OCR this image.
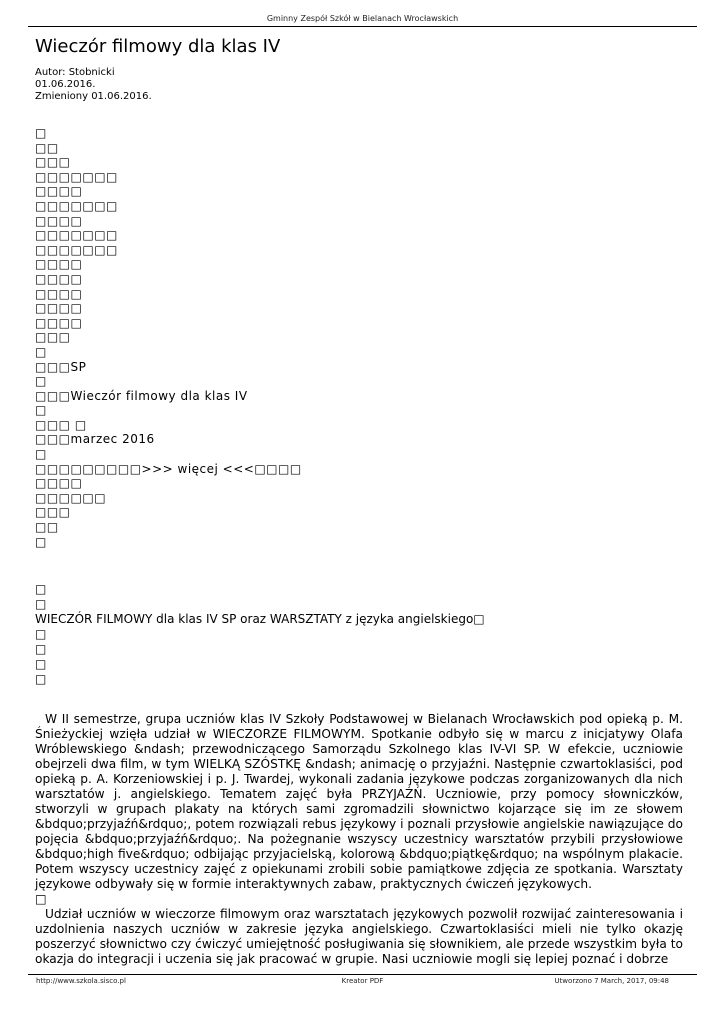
Gminny Zespół Szkół w Bielanach Wrocławskich
Wieczór filmowy dla klas IV
Autor: Stobnicki
01.06.2016.
Zmieniony 01.06.2016.
□
□□
□□□
□□□□□□□
□□□□
□□□□□□□
□□□□
□□□□□□□
□□□□□□□
□□□□
□□□□
□□□□
□□□□
□□□□
□□□
□
□□□SP
□
□□□Wieczór filmowy dla klas IV
□
□□□ □
□□□marzec 2016
□
□□□□□□□□□>>> więcej <<<□□□□
□□□□
□□□□□□
□□□
□□
□
□
□
WIECZÓR FILMOWY dla klas IV SP oraz WARSZTATY z języka angielskiego□
□
□
□
□

W II semestrze, grupa uczniów klas IV Szkoły Podstawowej w Bielanach Wrocławskich pod opieką p. M. Śnieżyckiej wzięła udział w WIECZORZE FILMOWYM. Spotkanie odbyło się w marcu z inicjatywy Olafa Wróblewskiego &ndash; przewodniczącego Samorządu Szkolnego klas IV-VI SP. W efekcie, uczniowie obejrzeli dwa film, w tym WIELKĄ SZÓSTKĘ &ndash; animację o przyjaźni. Następnie czwartoklasiści, pod opieką p. A. Korzeniowskiej i p. J. Twardej, wykonali zadania językowe podczas zorganizowanych dla nich warsztatów j. angielskiego. Tematem zajęć była PRZYJAŹŃ. Uczniowie, przy pomocy słowniczków, stworzyli w grupach plakaty na których sami zgromadzili słownictwo kojarzące się im ze słowem &bdquo;przyjaźń&rdquo;, potem rozwiązali rebus językowy i poznali przysłowie angielskie nawiązujące do pojęcia &bdquo;przyjaźń&rdquo;. Na pożegnanie wszyscy uczestnicy warsztatów przybili przysłowiowe &bdquo;high five&rdquo; odbijając przyjacielską, kolorową &bdquo;piątkę&rdquo; na wspólnym plakacie. Potem wszyscy uczestnicy zajęć z opiekunami zrobili sobie pamiątkowe zdjęcia ze spotkania. Warsztaty językowe odbywały się w formie interaktywnych zabaw, praktycznych ćwiczeń językowych.

□

Udział uczniów w wieczorze filmowym oraz warsztatach językowych pozwolił rozwijać zainteresowania i uzdolnienia naszych uczniów w zakresie języka angielskiego. Czwartoklasiści mieli nie tylko okazję poszerzyć słownictwo czy ćwiczyć umiejętność posługiwania się słownikiem, ale przede wszystkim była to okazja do integracji i uczenia się jak pracować w grupie. Nasi uczniowie mogli się lepiej poznać i dobrze

http://www.szkola.sisco.pl	Kreator PDF	Utworzono 7 March, 2017, 09:48
